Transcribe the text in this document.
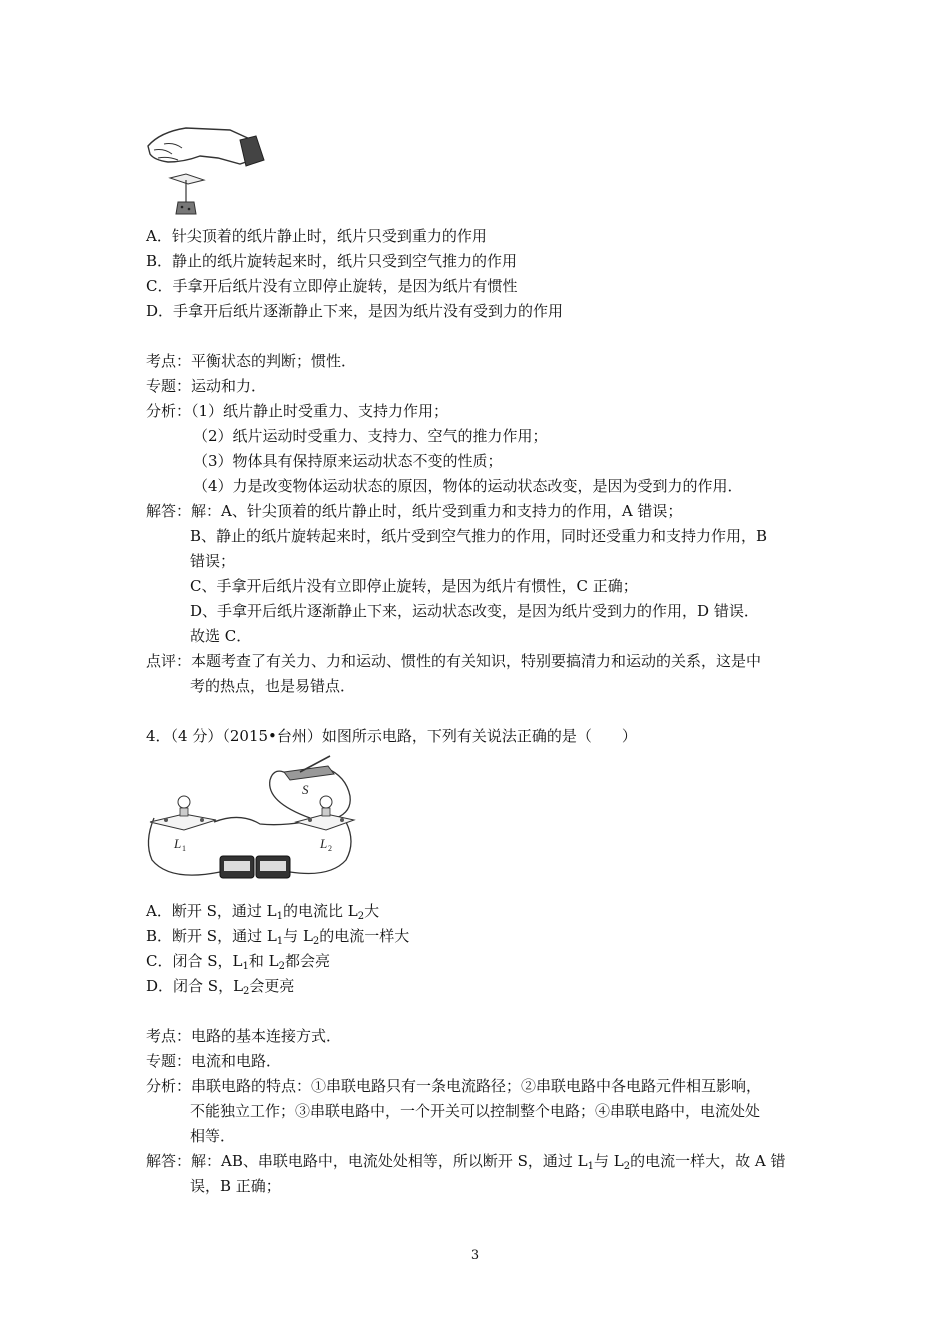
A．针尖顶着的纸片静止时，纸片只受到重力的作用
B．静止的纸片旋转起来时，纸片只受到空气推力的作用
C．手拿开后纸片没有立即停止旋转，是因为纸片有惯性
D．手拿开后纸片逐渐静止下来，是因为纸片没有受到力的作用
考点 ：平衡状态的判断；惯性．
专题 ：运动和力．
分析 ：（1）纸片静止时受重力、支持力作用；
（2）纸片运动时受重力、支持力、空气的推力作用；
（3）物体具有保持原来运动状态不变的性质；
（4）力是改变物体运动状态的原因，物体的运动状态改变，是因为受到力的作用．
解答 ：解：A、针尖顶着的纸片静止时，纸片受到重力和支持力的作用，A 错误；
B、静止的纸片旋转起来时，纸片受到空气推力的作用，同时还受重力和支持力作用，B
错误；
C、手拿开后纸片没有立即停止旋转，是因为纸片有惯性，C 正确；
D、手拿开后纸片逐渐静止下来，运动状态改变，是因为纸片受到力的作用，D 错误．
故选 C．
点评 ：本题考查了有关力、力和运动、惯性的有关知识，特别要搞清力和运动的关系，这是中
考的热点，也是易错点．
4．（4 分）（2015•台州）如图所示电路，下列有关说法正确的是（　　）
S
L 1	L 2
A．断开 S，通过 $L_1$的电流比 $L_2$大
B．断开 S，通过 $L_1$与 $L_2$的电流一样大
C．闭合 S，$L_1$和 $L_2$都会亮
D．闭合 S，$L_2$会更亮
考点 ：电路的基本连接方式．
专题 ：电流和电路．
分析 ：串联电路的特点：①串联电路只有一条电流路径；②串联电路中各电路元件相互影响，
不能独立工作；③串联电路中，一个开关可以控制整个电路；④串联电路中，电流处处
相等．
解答 ：解：AB、串联电路中，电流处处相等，所以断开 S，通过 $L_1$与 $L_2$的电流一样大，故 A 错
误，B 正确；
3
